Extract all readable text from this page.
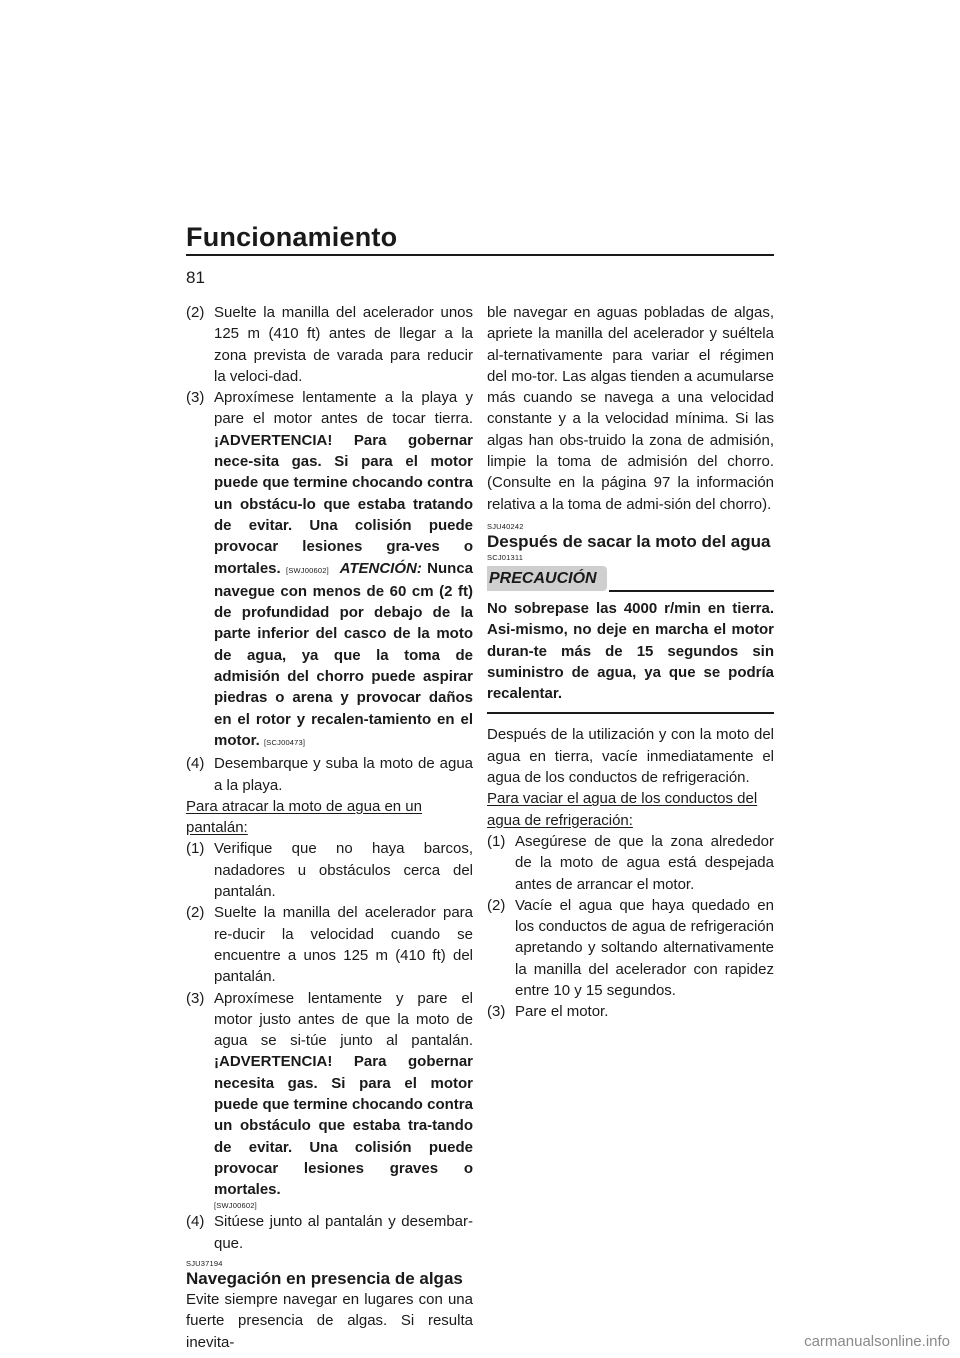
Funcionamiento
81

(2) Suelte la manilla del acelerador unos 125 m (410 ft) antes de llegar a la zona prevista de varada para reducir la veloci-dad.

(3) Aproxímese lentamente a la playa y pare el motor antes de tocar tierra. ¡ADVERTENCIA! Para gobernar nece-sita gas. Si para el motor puede que termine chocando contra un obstácu-lo que estaba tratando de evitar. Una colisión puede provocar lesiones gra-ves o mortales. [SWJ00602] ATENCIÓN: Nunca navegue con menos de 60 cm (2 ft) de profundidad por debajo de la parte inferior del casco de la moto de agua, ya que la toma de admisión del chorro puede aspirar piedras o arena y provocar daños en el rotor y recalen-tamiento en el motor. [SCJ00473]

(4) Desembarque y suba la moto de agua a la playa.

Para atracar la moto de agua en un pantalán:

(1) Verifique que no haya barcos, nadadores u obstáculos cerca del pantalán.

(2) Suelte la manilla del acelerador para re-ducir la velocidad cuando se encuentre a unos 125 m (410 ft) del pantalán.

(3) Aproxímese lentamente y pare el motor justo antes de que la moto de agua se si-túe junto al pantalán. ¡ADVERTENCIA! Para gobernar necesita gas. Si para el motor puede que termine chocando contra un obstáculo que estaba tra-tando de evitar. Una colisión puede provocar lesiones graves o mortales.

[SWJ00602]

(4) Sitúese junto al pantalán y desembar-que.

SJU37194

Navegación en presencia de algas

Evite siempre navegar en lugares con una fuerte presencia de algas. Si resulta inevita-

ble navegar en aguas pobladas de algas, apriete la manilla del acelerador y suéltela al-ternativamente para variar el régimen del mo-tor. Las algas tienden a acumularse más cuando se navega a una velocidad constante y a la velocidad mínima. Si las algas han obs-truido la zona de admisión, limpie la toma de admisión del chorro. (Consulte en la página 97 la información relativa a la toma de admi-sión del chorro).

SJU40242

Después de sacar la moto del agua

SCJ01311

PRECAUCIÓN

No sobrepase las 4000 r/min en tierra. Asi-mismo, no deje en marcha el motor duran-te más de 15 segundos sin suministro de agua, ya que se podría recalentar.

Después de la utilización y con la moto del agua en tierra, vacíe inmediatamente el agua de los conductos de refrigeración.

Para vaciar el agua de los conductos del agua de refrigeración:

(1) Asegúrese de que la zona alrededor de la moto de agua está despejada antes de arrancar el motor.

(2) Vacíe el agua que haya quedado en los conductos de agua de refrigeración apretando y soltando alternativamente la manilla del acelerador con rapidez entre 10 y 15 segundos.

(3) Pare el motor.

carmanualsonline.info
